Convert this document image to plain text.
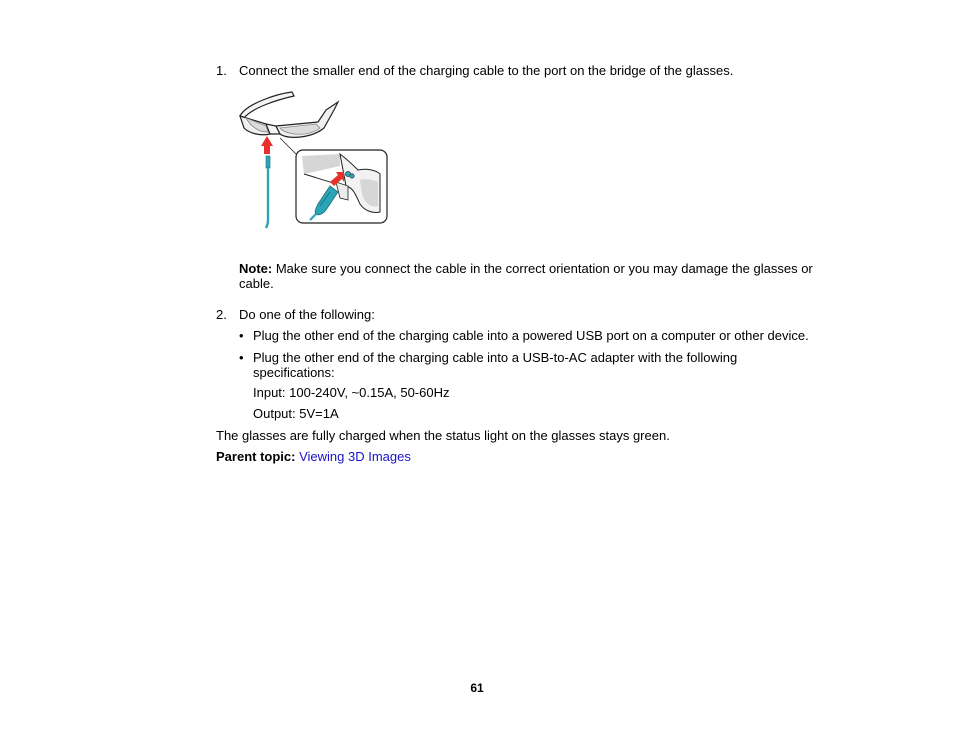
1. Connect the smaller end of the charging cable to the port on the bridge of the glasses.
Note: Make sure you connect the cable in the correct orientation or you may damage the glasses or cable.
2. Do one of the following:
• Plug the other end of the charging cable into a powered USB port on a computer or other device.
• Plug the other end of the charging cable into a USB-to-AC adapter with the following specifications:
Input: 100-240V, ~0.15A, 50-60Hz
Output: 5V=1A
The glasses are fully charged when the status light on the glasses stays green.
Parent topic: Viewing 3D Images
61
